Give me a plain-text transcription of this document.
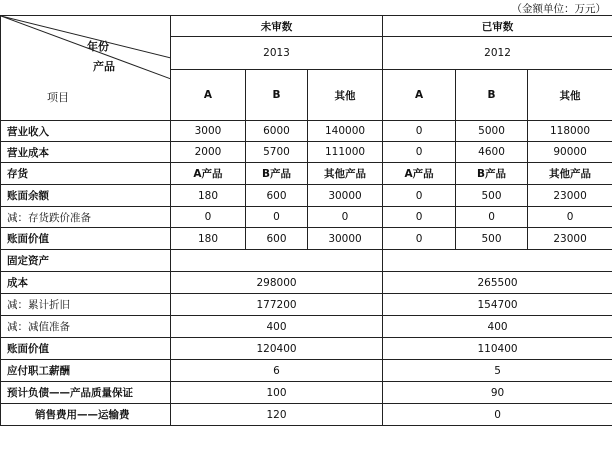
（金额单位：万元）
年份
产品
项目	未审数			已审数		
	2013			2012		
	A	B	其他	A	B	其他
营业收入	3000	6000	140000	0	5000	118000
营业成本	2000	5700	111000	0	4600	90000
存货	A产品	B产品	其他产品	A产品	B产品	其他产品
账面余额	180	600	30000	0	500	23000
减：存货跌价准备	0	0	0	0	0	0
账面价值	180	600	30000	0	500	23000
固定资产						
成本	298000			265500		
减：累计折旧	177200			154700		
减：减值准备	400			400		
账面价值	120400			110400		
应付职工薪酬	6			5		
预计负债——产品质量保证	100			90		
销售费用——运输费	120			0		
